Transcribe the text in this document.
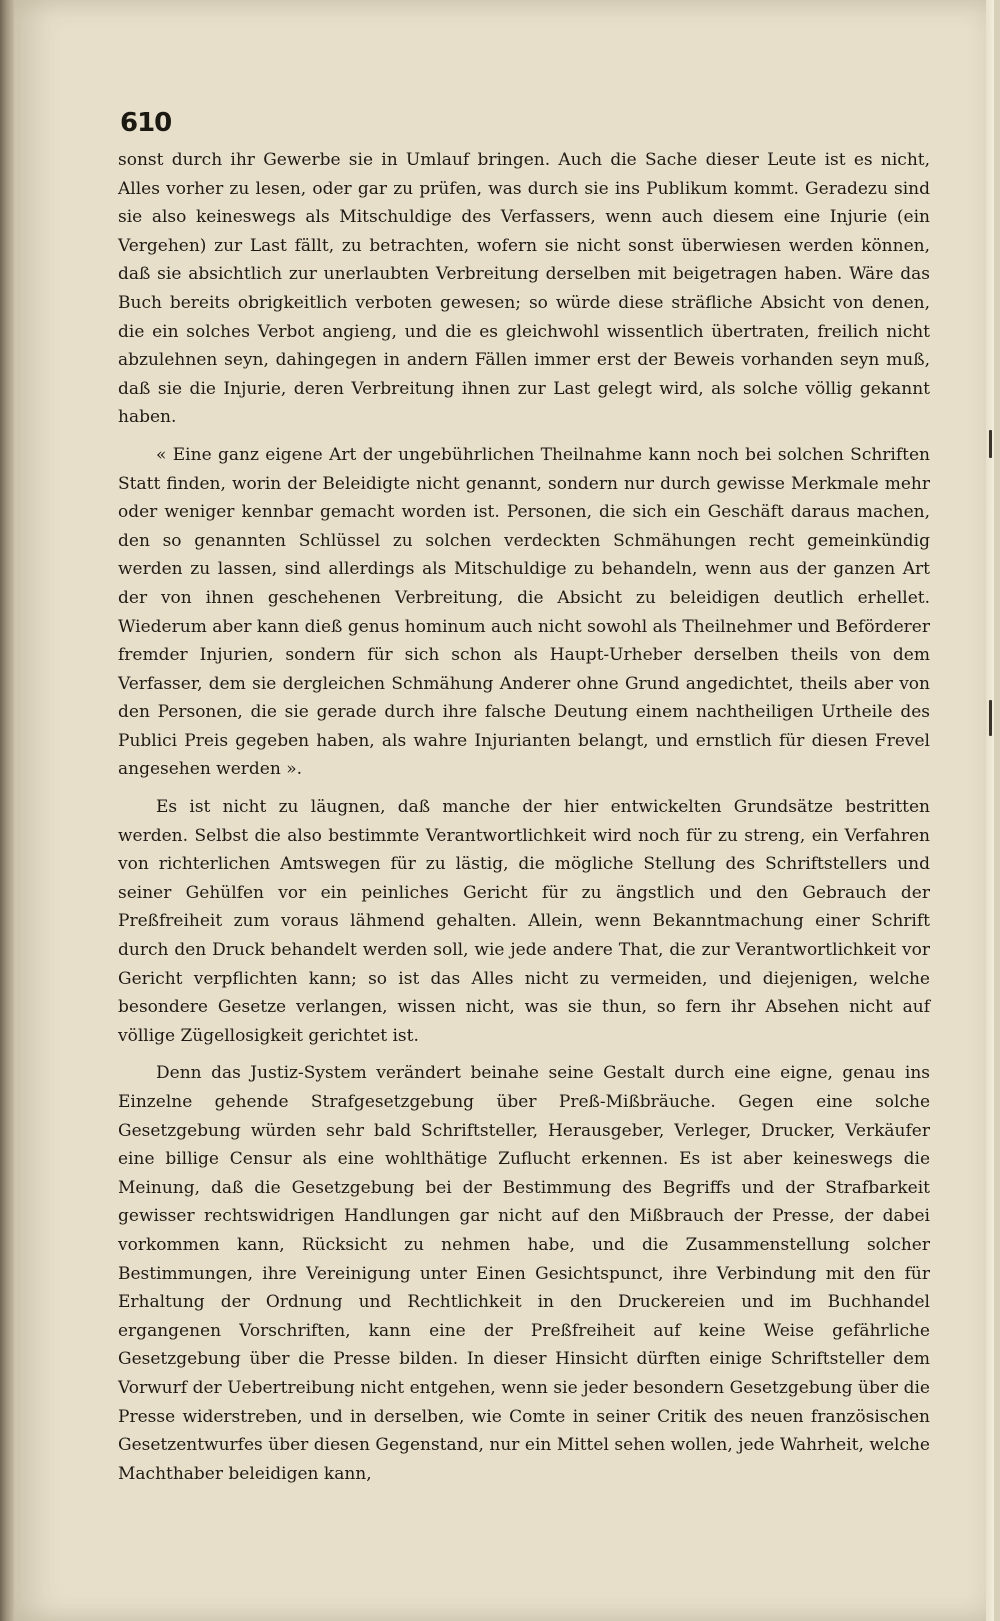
610

sonst durch ihr Gewerbe sie in Umlauf bringen. Auch die Sache dieser Leute ist es nicht, Alles vorher zu lesen, oder gar zu prüfen, was durch sie ins Publikum kommt. Geradezu sind sie also keineswegs als Mitschuldige des Verfassers, wenn auch diesem eine Injurie (ein Vergehen) zur Last fällt, zu betrachten, wofern sie nicht sonst überwiesen werden können, daß sie absichtlich zur unerlaubten Verbreitung derselben mit beigetragen haben. Wäre das Buch bereits obrigkeitlich verboten gewesen; so würde diese sträfliche Absicht von denen, die ein solches Verbot angieng, und die es gleichwohl wissentlich übertraten, freilich nicht abzulehnen seyn, dahingegen in andern Fällen immer erst der Beweis vorhanden seyn muß, daß sie die Injurie, deren Verbreitung ihnen zur Last gelegt wird, als solche völlig gekannt haben.

« Eine ganz eigene Art der ungebührlichen Theilnahme kann noch bei solchen Schriften Statt finden, worin der Beleidigte nicht genannt, sondern nur durch gewisse Merkmale mehr oder weniger kennbar gemacht worden ist. Personen, die sich ein Geschäft daraus machen, den so genannten Schlüssel zu solchen verdeckten Schmähungen recht gemeinkündig werden zu lassen, sind allerdings als Mitschuldige zu behandeln, wenn aus der ganzen Art der von ihnen geschehenen Verbreitung, die Absicht zu beleidigen deutlich erhellet. Wiederum aber kann dieß genus hominum auch nicht sowohl als Theilnehmer und Beförderer fremder Injurien, sondern für sich schon als Haupt-Urheber derselben theils von dem Verfasser, dem sie dergleichen Schmähung Anderer ohne Grund angedichtet, theils aber von den Personen, die sie gerade durch ihre falsche Deutung einem nachtheiligen Urtheile des Publici Preis gegeben haben, als wahre Injurianten belangt, und ernstlich für diesen Frevel angesehen werden ».

Es ist nicht zu läugnen, daß manche der hier entwickelten Grundsätze bestritten werden. Selbst die also bestimmte Verantwortlichkeit wird noch für zu streng, ein Verfahren von richterlichen Amtswegen für zu lästig, die mögliche Stellung des Schriftstellers und seiner Gehülfen vor ein peinliches Gericht für zu ängstlich und den Gebrauch der Preßfreiheit zum voraus lähmend gehalten. Allein, wenn Bekanntmachung einer Schrift durch den Druck behandelt werden soll, wie jede andere That, die zur Verantwortlichkeit vor Gericht verpflichten kann; so ist das Alles nicht zu vermeiden, und diejenigen, welche besondere Gesetze verlangen, wissen nicht, was sie thun, so fern ihr Absehen nicht auf völlige Zügellosigkeit gerichtet ist.

Denn das Justiz-System verändert beinahe seine Gestalt durch eine eigne, genau ins Einzelne gehende Strafgesetzgebung über Preß-Mißbräuche. Gegen eine solche Gesetzgebung würden sehr bald Schriftsteller, Herausgeber, Verleger, Drucker, Verkäufer eine billige Censur als eine wohlthätige Zuflucht erkennen. Es ist aber keineswegs die Meinung, daß die Gesetzgebung bei der Bestimmung des Begriffs und der Strafbarkeit gewisser rechtswidrigen Handlungen gar nicht auf den Mißbrauch der Presse, der dabei vorkommen kann, Rücksicht zu nehmen habe, und die Zusammenstellung solcher Bestimmungen, ihre Vereinigung unter Einen Gesichtspunct, ihre Verbindung mit den für Erhaltung der Ordnung und Rechtlichkeit in den Druckereien und im Buchhandel ergangenen Vorschriften, kann eine der Preßfreiheit auf keine Weise gefährliche Gesetzgebung über die Presse bilden. In dieser Hinsicht dürften einige Schriftsteller dem Vorwurf der Uebertreibung nicht entgehen, wenn sie jeder besondern Gesetzgebung über die Presse widerstreben, und in derselben, wie Comte in seiner Critik des neuen französischen Gesetzentwurfes über diesen Gegenstand, nur ein Mittel sehen wollen, jede Wahrheit, welche Machthaber beleidigen kann,
